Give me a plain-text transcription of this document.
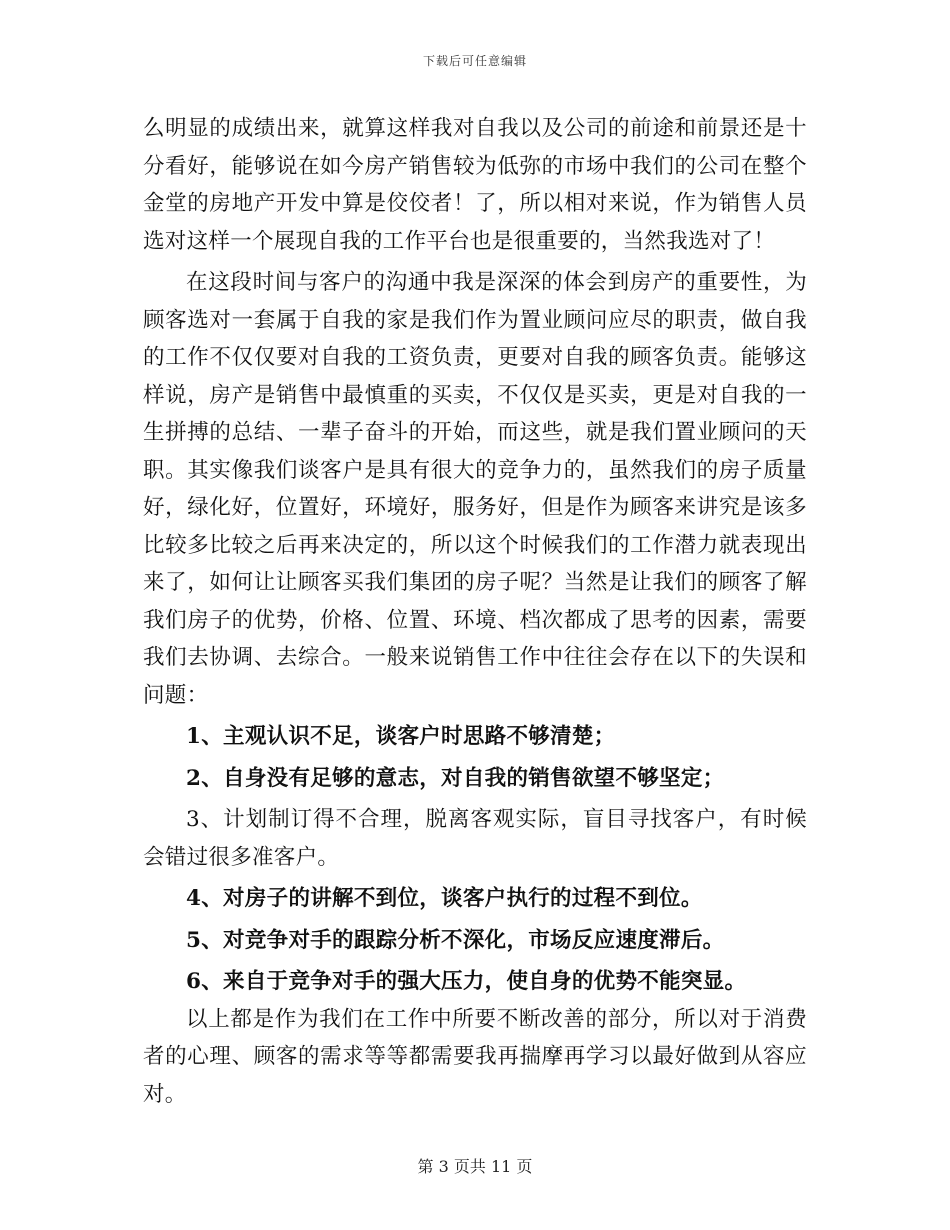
下载后可任意编辑

么明显的成绩出来，就算这样我对自我以及公司的前途和前景还是十分看好，能够说在如今房产销售较为低弥的市场中我们的公司在整个金堂的房地产开发中算是佼佼者！了，所以相对来说，作为销售人员选对这样一个展现自我的工作平台也是很重要的，当然我选对了！

在这段时间与客户的沟通中我是深深的体会到房产的重要性，为顾客选对一套属于自我的家是我们作为置业顾问应尽的职责，做自我的工作不仅仅要对自我的工资负责，更要对自我的顾客负责。能够这样说，房产是销售中最慎重的买卖，不仅仅是买卖，更是对自我的一生拼搏的总结、一辈子奋斗的开始，而这些，就是我们置业顾问的天职。其实像我们谈客户是具有很大的竞争力的，虽然我们的房子质量好，绿化好，位置好，环境好，服务好，但是作为顾客来讲究是该多比较多比较之后再来决定的，所以这个时候我们的工作潜力就表现出来了，如何让让顾客买我们集团的房子呢？当然是让我们的顾客了解我们房子的优势，价格、位置、环境、档次都成了思考的因素，需要我们去协调、去综合。一般来说销售工作中往往会存在以下的失误和问题：

1、主观认识不足，谈客户时思路不够清楚；

2、自身没有足够的意志，对自我的销售欲望不够坚定；

3、计划制订得不合理，脱离客观实际，盲目寻找客户，有时候会错过很多准客户。

4、对房子的讲解不到位，谈客户执行的过程不到位。

5、对竞争对手的跟踪分析不深化，市场反应速度滞后。

6、来自于竞争对手的强大压力，使自身的优势不能突显。

以上都是作为我们在工作中所要不断改善的部分，所以对于消费者的心理、顾客的需求等等都需要我再揣摩再学习以最好做到从容应对。

第 3 页共 11 页
